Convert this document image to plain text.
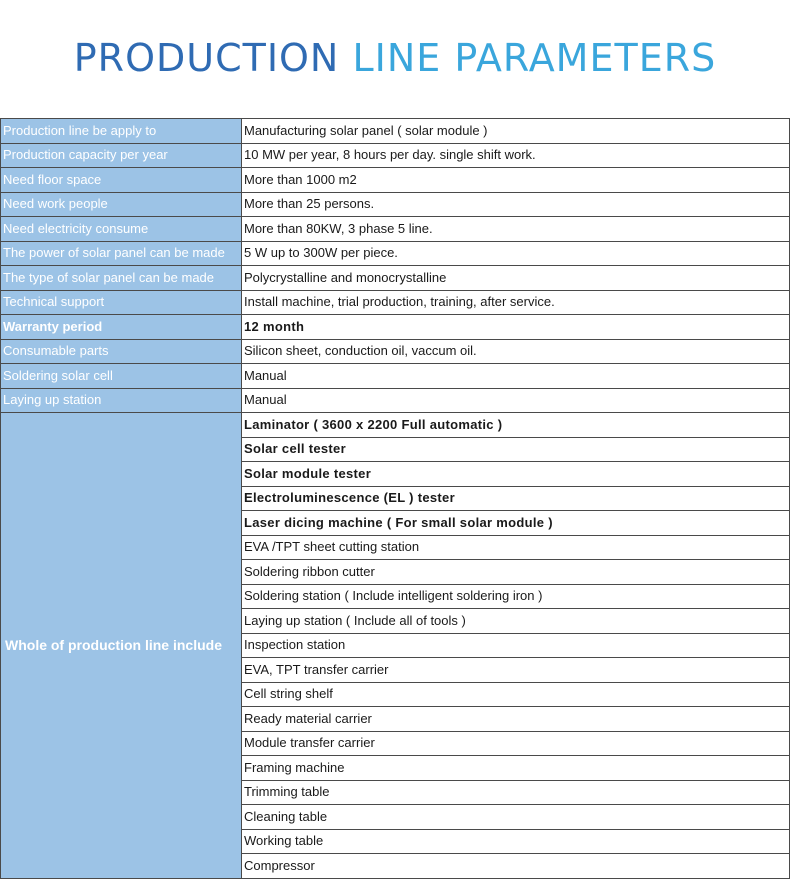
PRODUCTION LINE PARAMETERS
Production line be apply to	Manufacturing solar panel ( solar module )
Production capacity per year	10 MW per year, 8 hours per day. single shift work.
Need floor space	More than 1000 m2
Need work people	More than 25 persons.
Need electricity consume	More than 80KW, 3 phase 5 line.
The power of solar panel can be made	5 W up to 300W per piece.
The type of solar panel can be made	Polycrystalline and monocrystalline
Technical support	Install machine, trial production, training, after service.
Warranty period	12 month
Consumable parts	Silicon sheet, conduction oil, vaccum oil.
Soldering solar cell	Manual
Laying up station	Manual
Whole of production line include	Laminator ( 3600 x 2200 Full automatic )
	Solar cell tester
	Solar module tester
	Electroluminescence (EL ) tester
	Laser dicing machine ( For small solar module )
	EVA /TPT sheet cutting station
	Soldering ribbon cutter
	Soldering station ( Include intelligent soldering iron )
	Laying up station ( Include all of tools )
	Inspection station
	EVA, TPT transfer carrier
	Cell string shelf
	Ready material carrier
	Module transfer carrier
	Framing machine
	Trimming table
	Cleaning table
	Working table
	Compressor
